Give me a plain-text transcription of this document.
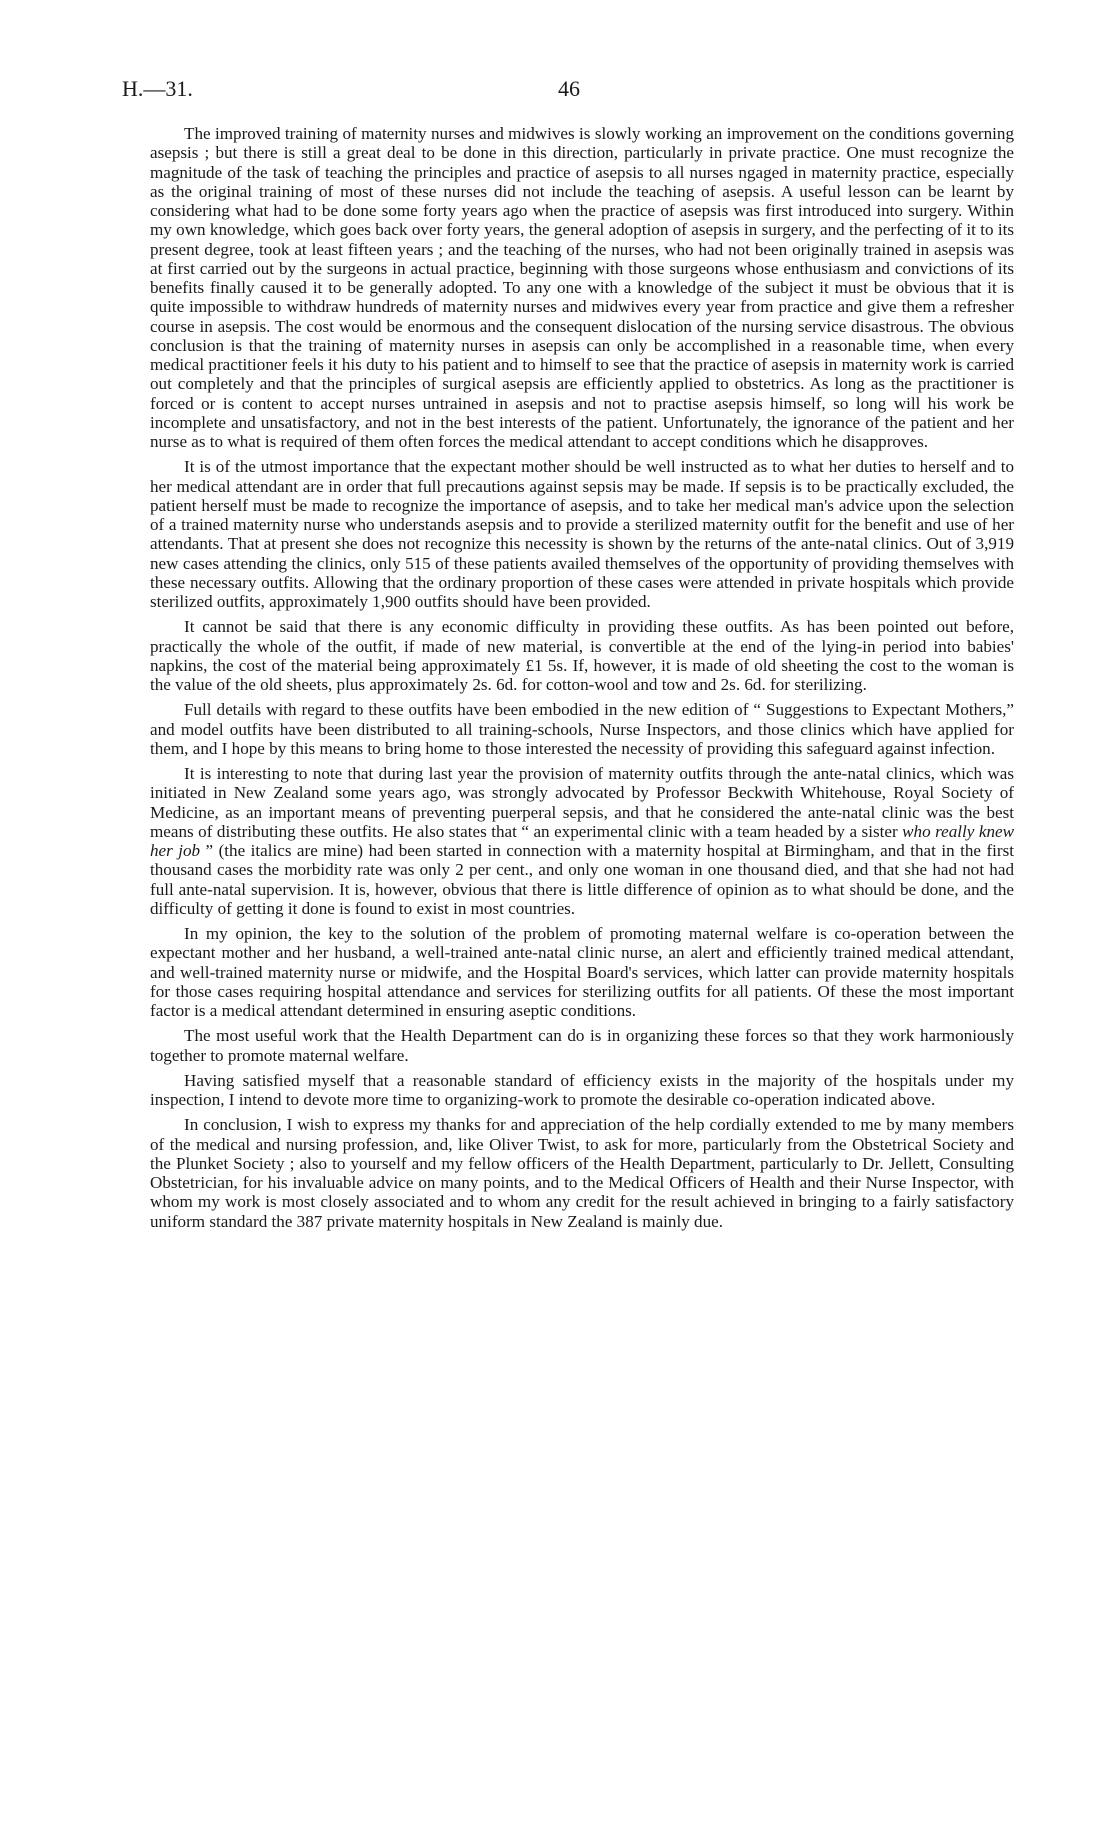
H.—31.	46

The improved training of maternity nurses and midwives is slowly working an improvement on the conditions governing asepsis ; but there is still a great deal to be done in this direction, particularly in private practice. One must recognize the magnitude of the task of teaching the principles and practice of asepsis to all nurses ngaged in maternity practice, especially as the original training of most of these nurses did not include the teaching of asepsis. A useful lesson can be learnt by considering what had to be done some forty years ago when the practice of asepsis was first introduced into surgery. Within my own knowledge, which goes back over forty years, the general adoption of asepsis in surgery, and the perfecting of it to its present degree, took at least fifteen years ; and the teaching of the nurses, who had not been originally trained in asepsis was at first carried out by the surgeons in actual practice, beginning with those surgeons whose enthusiasm and convictions of its benefits finally caused it to be generally adopted. To any one with a knowledge of the subject it must be obvious that it is quite impossible to withdraw hundreds of maternity nurses and midwives every year from practice and give them a refresher course in asepsis. The cost would be enormous and the consequent dislocation of the nursing service disastrous. The obvious conclusion is that the training of maternity nurses in asepsis can only be accomplished in a reasonable time, when every medical practitioner feels it his duty to his patient and to himself to see that the practice of asepsis in maternity work is carried out completely and that the principles of surgical asepsis are efficiently applied to obstetrics. As long as the practitioner is forced or is content to accept nurses untrained in asepsis and not to practise asepsis himself, so long will his work be incomplete and unsatisfactory, and not in the best interests of the patient. Unfortunately, the ignorance of the patient and her nurse as to what is required of them often forces the medical attendant to accept conditions which he disapproves.

It is of the utmost importance that the expectant mother should be well instructed as to what her duties to herself and to her medical attendant are in order that full precautions against sepsis may be made. If sepsis is to be practically excluded, the patient herself must be made to recognize the importance of asepsis, and to take her medical man's advice upon the selection of a trained maternity nurse who understands asepsis and to provide a sterilized maternity outfit for the benefit and use of her attendants. That at present she does not recognize this necessity is shown by the returns of the ante-natal clinics. Out of 3,919 new cases attending the clinics, only 515 of these patients availed themselves of the opportunity of providing themselves with these necessary outfits. Allowing that the ordinary proportion of these cases were attended in private hospitals which provide sterilized outfits, approximately 1,900 outfits should have been provided.

It cannot be said that there is any economic difficulty in providing these outfits. As has been pointed out before, practically the whole of the outfit, if made of new material, is convertible at the end of the lying-in period into babies' napkins, the cost of the material being approximately £1 5s. If, however, it is made of old sheeting the cost to the woman is the value of the old sheets, plus approximately 2s. 6d. for cotton-wool and tow and 2s. 6d. for sterilizing.

Full details with regard to these outfits have been embodied in the new edition of “ Suggestions to Expectant Mothers,” and model outfits have been distributed to all training-schools, Nurse Inspectors, and those clinics which have applied for them, and I hope by this means to bring home to those interested the necessity of providing this safeguard against infection.

It is interesting to note that during last year the provision of maternity outfits through the ante-natal clinics, which was initiated in New Zealand some years ago, was strongly advocated by Professor Beckwith Whitehouse, Royal Society of Medicine, as an important means of preventing puerperal sepsis, and that he considered the ante-natal clinic was the best means of distributing these outfits. He also states that “ an experimental clinic with a team headed by a sister who really knew her job ” (the italics are mine) had been started in connection with a maternity hospital at Birmingham, and that in the first thousand cases the morbidity rate was only 2 per cent., and only one woman in one thousand died, and that she had not had full ante-natal supervision. It is, however, obvious that there is little difference of opinion as to what should be done, and the difficulty of getting it done is found to exist in most countries.

In my opinion, the key to the solution of the problem of promoting maternal welfare is co-operation between the expectant mother and her husband, a well-trained ante-natal clinic nurse, an alert and efficiently trained medical attendant, and well-trained maternity nurse or midwife, and the Hospital Board's services, which latter can provide maternity hospitals for those cases requiring hospital attendance and services for sterilizing outfits for all patients. Of these the most important factor is a medical attendant determined in ensuring aseptic conditions.

The most useful work that the Health Department can do is in organizing these forces so that they work harmoniously together to promote maternal welfare.

Having satisfied myself that a reasonable standard of efficiency exists in the majority of the hospitals under my inspection, I intend to devote more time to organizing-work to promote the desirable co-operation indicated above.

In conclusion, I wish to express my thanks for and appreciation of the help cordially extended to me by many members of the medical and nursing profession, and, like Oliver Twist, to ask for more, particularly from the Obstetrical Society and the Plunket Society ; also to yourself and my fellow officers of the Health Department, particularly to Dr. Jellett, Consulting Obstetrician, for his invaluable advice on many points, and to the Medical Officers of Health and their Nurse Inspector, with whom my work is most closely associated and to whom any credit for the result achieved in bringing to a fairly satisfactory uniform standard the 387 private maternity hospitals in New Zealand is mainly due.
